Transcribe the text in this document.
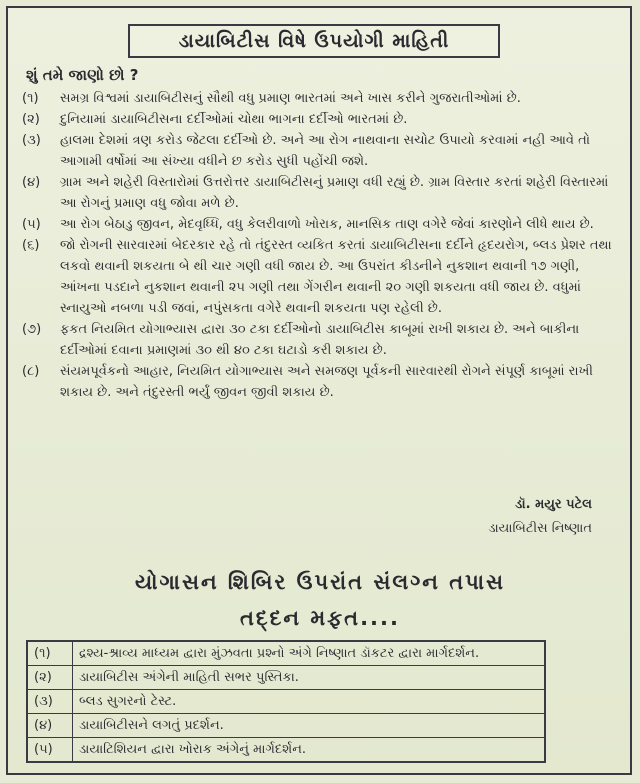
ડાયાબિટીસ વિષે ઉપયોગી માહિતી
શું તમે જાણો છો ?
(૧)	સમગ્ર વિશ્વમાં ડાયાબિટીસનું સૌથી વધુ પ્રમાણ ભારતમાં અને ખાસ કરીને ગુજરાતીઓમાં છે.
(૨)	દુનિયામાં ડાયાબિટીસના દર્દીઓમાં ચોથા ભાગના દર્દીઓ ભારતમાં છે.
(૩)	હાલમા દેશમાં ત્રણ કરોડ જેટલા દર્દીઓ છે. અને આ રોગ નાથવાના સચોટ ઉપાયો કરવામાં નહી આવે તો આગામી વર્ષોમાં આ સંખ્યા વધીને છ કરોડ સુધી પહોંચી જશે.
(૪)	ગ્રામ અને શહેરી વિસ્તારોમાં ઉત્તરોત્તર ડાયાબિટીસનું પ્રમાણ વધી રહ્યું છે. ગ્રામ વિસ્તાર કરતાં શહેરી વિસ્તારમાં આ રોગનું પ્રમાણ વધુ જોવા મળે છે.
(૫)	આ રોગ બેઠાડુ જીવન, મેદવૃધ્ધિ, વધુ કેલરીવાળો ખોરાક, માનસિક તાણ વગેરે જેવાં કારણોને લીધે થાય છે.
(૬)	જો રોગની સારવારમાં બેદરકાર રહે તો તંદુરસ્ત વ્યકિત કરતાં ડાયાબિટીસના દર્દીને હૃદયરોગ, બ્લડ પ્રેશર તથા લકવો થવાની શકયતા બે થી ચાર ગણી વધી જાય છે. આ ઉપરાંત કીડનીને નુકશાન થવાની ૧૭ ગણી, આંખના પડદાને નુકશાન થવાની ૨૫ ગણી તથા ગેંગરીન થવાની ૨૦ ગણી શકયતા વધી જાય છે. વધુમાં સ્નાયુઓ નબળા પડી જવાં, નપુંસકતા વગેરે થવાની શકયતા પણ રહેલી છે.
(૭)	ફકત નિયમિત યોગાભ્યાસ દ્વારા ૩૦ ટકા દર્દીઓનો ડાયાબિટીસ કાબૂમાં રાખી શકાય છે. અને બાકીના દર્દીઓમાં દવાના પ્રમાણમાં ૩૦ થી ૪૦ ટકા ઘટાડો કરી શકાય છે.
(૮)	સંયમપૂર્વકનો આહાર, નિયમિત યોગાભ્યાસ અને સમજણ પૂર્વકની સારવારથી રોગને સંપૂર્ણ કાબૂમાં રાખી શકાય છે. અને તંદુરસ્તી ભર્યું જીવન જીવી શકાય છે.
ડૉ. મયુર પટેલ
ડાયાબિટીસ નિષ્ણાત
યોગાસન શિબિર ઉપરાંત સંલગ્ન તપાસ
તદ્દન મફત....
(૧)	દ્રશ્ય-શ્રાવ્ય માધ્યમ દ્વારા મુંઝવતા પ્રશ્નો અંગે નિષ્ણાત ડૉકટર દ્વારા માર્ગદર્શન.
(૨)	ડાયાબિટીસ અંગેની માહિતી સભર પુસ્તિકા.
(૩)	બ્લડ સુગરનો ટેસ્ટ.
(૪)	ડાયાબિટીસને લગતું પ્રદર્શન.
(૫)	ડાયાટિશિયન દ્વારા ખોરાક અંગેનું માર્ગદર્શન.
